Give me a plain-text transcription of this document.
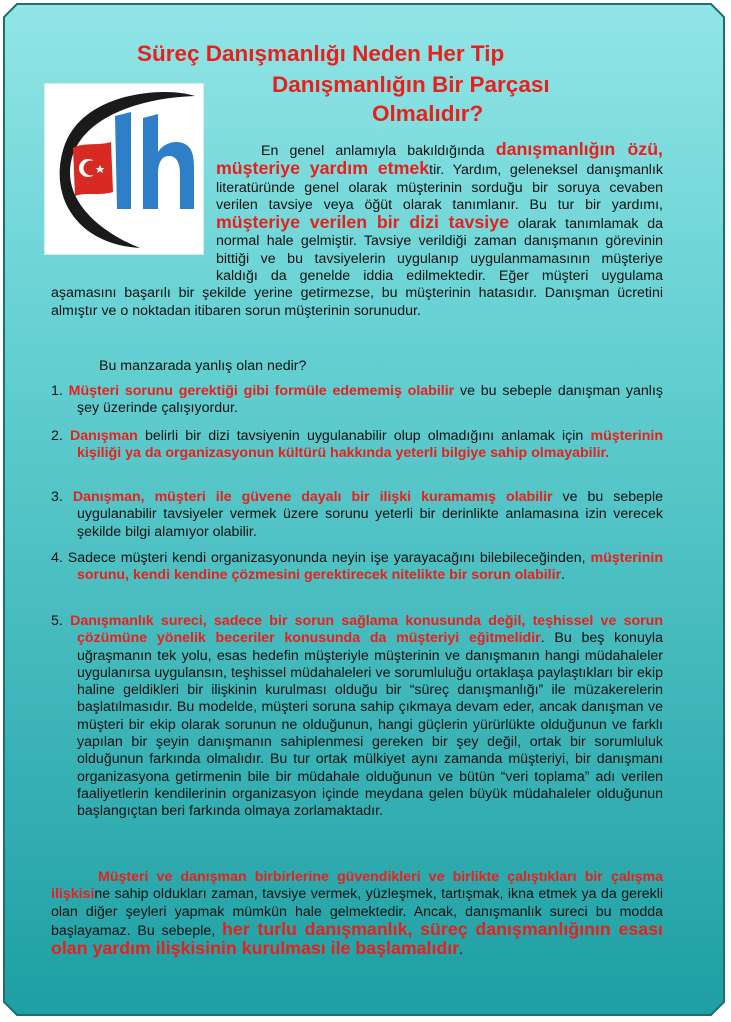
Süreç Danışmanlığı Neden Her Tip
Danışmanlığın Bir Parçası
Olmalıdır?

En genel anlamıyla bakıldığında danışmanlığın özü, müşteriye yardım etmektir. Yardım, geleneksel danışmanlık literatüründe genel olarak müşterinin sorduğu bir soruya cevaben verilen tavsiye veya öğüt olarak tanımlanır. Bu tur bir yardımı, müşteriye verilen bir dizi tavsiye olarak tanımlamak da normal hale gelmiştir. Tavsiye verildiği zaman danışmanın görevinin bittiği ve bu tavsiyelerin uygulanıp uygulanmamasının müşteriye kaldığı da genelde iddia edilmektedir. Eğer müşteri uygulama aşamasını başarılı bir şekilde yerine getirmezse, bu müşterinin hatasıdır. Danışman ücretini almıştır ve o noktadan itibaren sorun müşterinin sorunudur.

Bu manzarada yanlış olan nedir?
1. Müşteri sorunu gerektiği gibi formüle edememiş olabilir ve bu sebeple danışman yanlış şey üzerinde çalışıyordur.
2. Danışman belirli bir dizi tavsiyenin uygulanabilir olup olmadığını anlamak için müşterinin kişiliği ya da organizasyonun kültürü hakkında yeterli bilgiye sahip olmayabilir.
3. Danışman, müşteri ile güvene dayalı bir ilişki kuramamış olabilir ve bu sebeple uygulanabilir tavsiyeler vermek üzere sorunu yeterli bir derinlikte anlamasına izin verecek şekilde bilgi alamıyor olabilir.
4. Sadece müşteri kendi organizasyonunda neyin işe yarayacağını bilebileceğinden, müşterinin sorunu, kendi kendine çözmesini gerektirecek nitelikte bir sorun olabilir.
5. Danışmanlık sureci, sadece bir sorun sağlama konusunda değil, teşhissel ve sorun çözümüne yönelik beceriler konusunda da müşteriyi eğitmelidir. Bu beş konuyla uğraşmanın tek yolu, esas hedefin müşteriyle müşterinin ve danışmanın hangi müdahaleler uygulanırsa uygulansın, teşhissel müdahaleleri ve sorumluluğu ortaklaşa paylaştıkları bir ekip haline geldikleri bir ilişkinin kurulması olduğu bir “süreç danışmanlığı” ile müzakerelerin başlatılmasıdır. Bu modelde, müşteri soruna sahip çıkmaya devam eder, ancak danışman ve müşteri bir ekip olarak sorunun ne olduğunun, hangi güçlerin yürürlükte olduğunun ve farklı yapılan bir şeyin danışmanın sahiplenmesi gereken bir şey değil, ortak bir sorumluluk olduğunun farkında olmalıdır. Bu tur ortak mülkiyet aynı zamanda müşteriyi, bir danışmanı organizasyona getirmenin bile bir müdahale olduğunun ve bütün “veri toplama” adı verilen faaliyetlerin kendilerinin organizasyon içinde meydana gelen büyük müdahaleler olduğunun başlangıçtan beri farkında olmaya zorlamaktadır.

Müşteri ve danışman birbirlerine güvendikleri ve birlikte çalıştıkları bir çalışma ilişkisine sahip oldukları zaman, tavsiye vermek, yüzleşmek, tartışmak, ikna etmek ya da gerekli olan diğer şeyleri yapmak mümkün hale gelmektedir. Ancak, danışmanlık sureci bu modda başlayamaz. Bu sebeple, her turlu danışmanlık, süreç danışmanlığının esası olan yardım ilişkisinin kurulması ile başlamalıdır.
